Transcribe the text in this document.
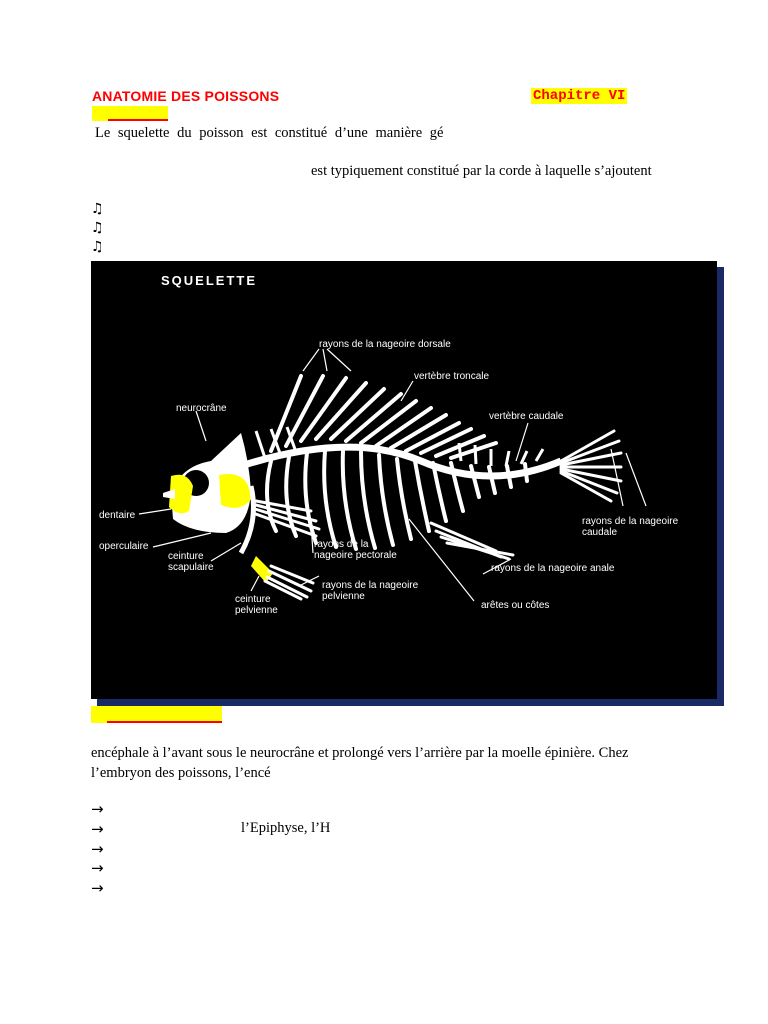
ANATOMIE DES POISSONS	Chapitre VI
Le squelette du poisson est constitué d’une manière gé
est typiquement constitué par la corde à laquelle s’ajoutent
♫
♫
♫
SQUELETTE
rayons de la nageoire dorsale
vertèbre troncale
vertèbre caudale
neurocrâne
dentaire
operculaire
ceinture
scapulaire
rayons de la
nageoire pectorale
rayons de la nageoire
caudale
rayons de la nageoire anale
rayons de la nageoire
pelvienne
ceinture
pelvienne	arêtes ou côtes
encéphale à l’avant sous le neurocrâne et prolongé vers l’arrière par la moelle épinière. Chez l’embryon des poissons, l’encé
→
→	l’Epiphyse, l’H
→
→
→
